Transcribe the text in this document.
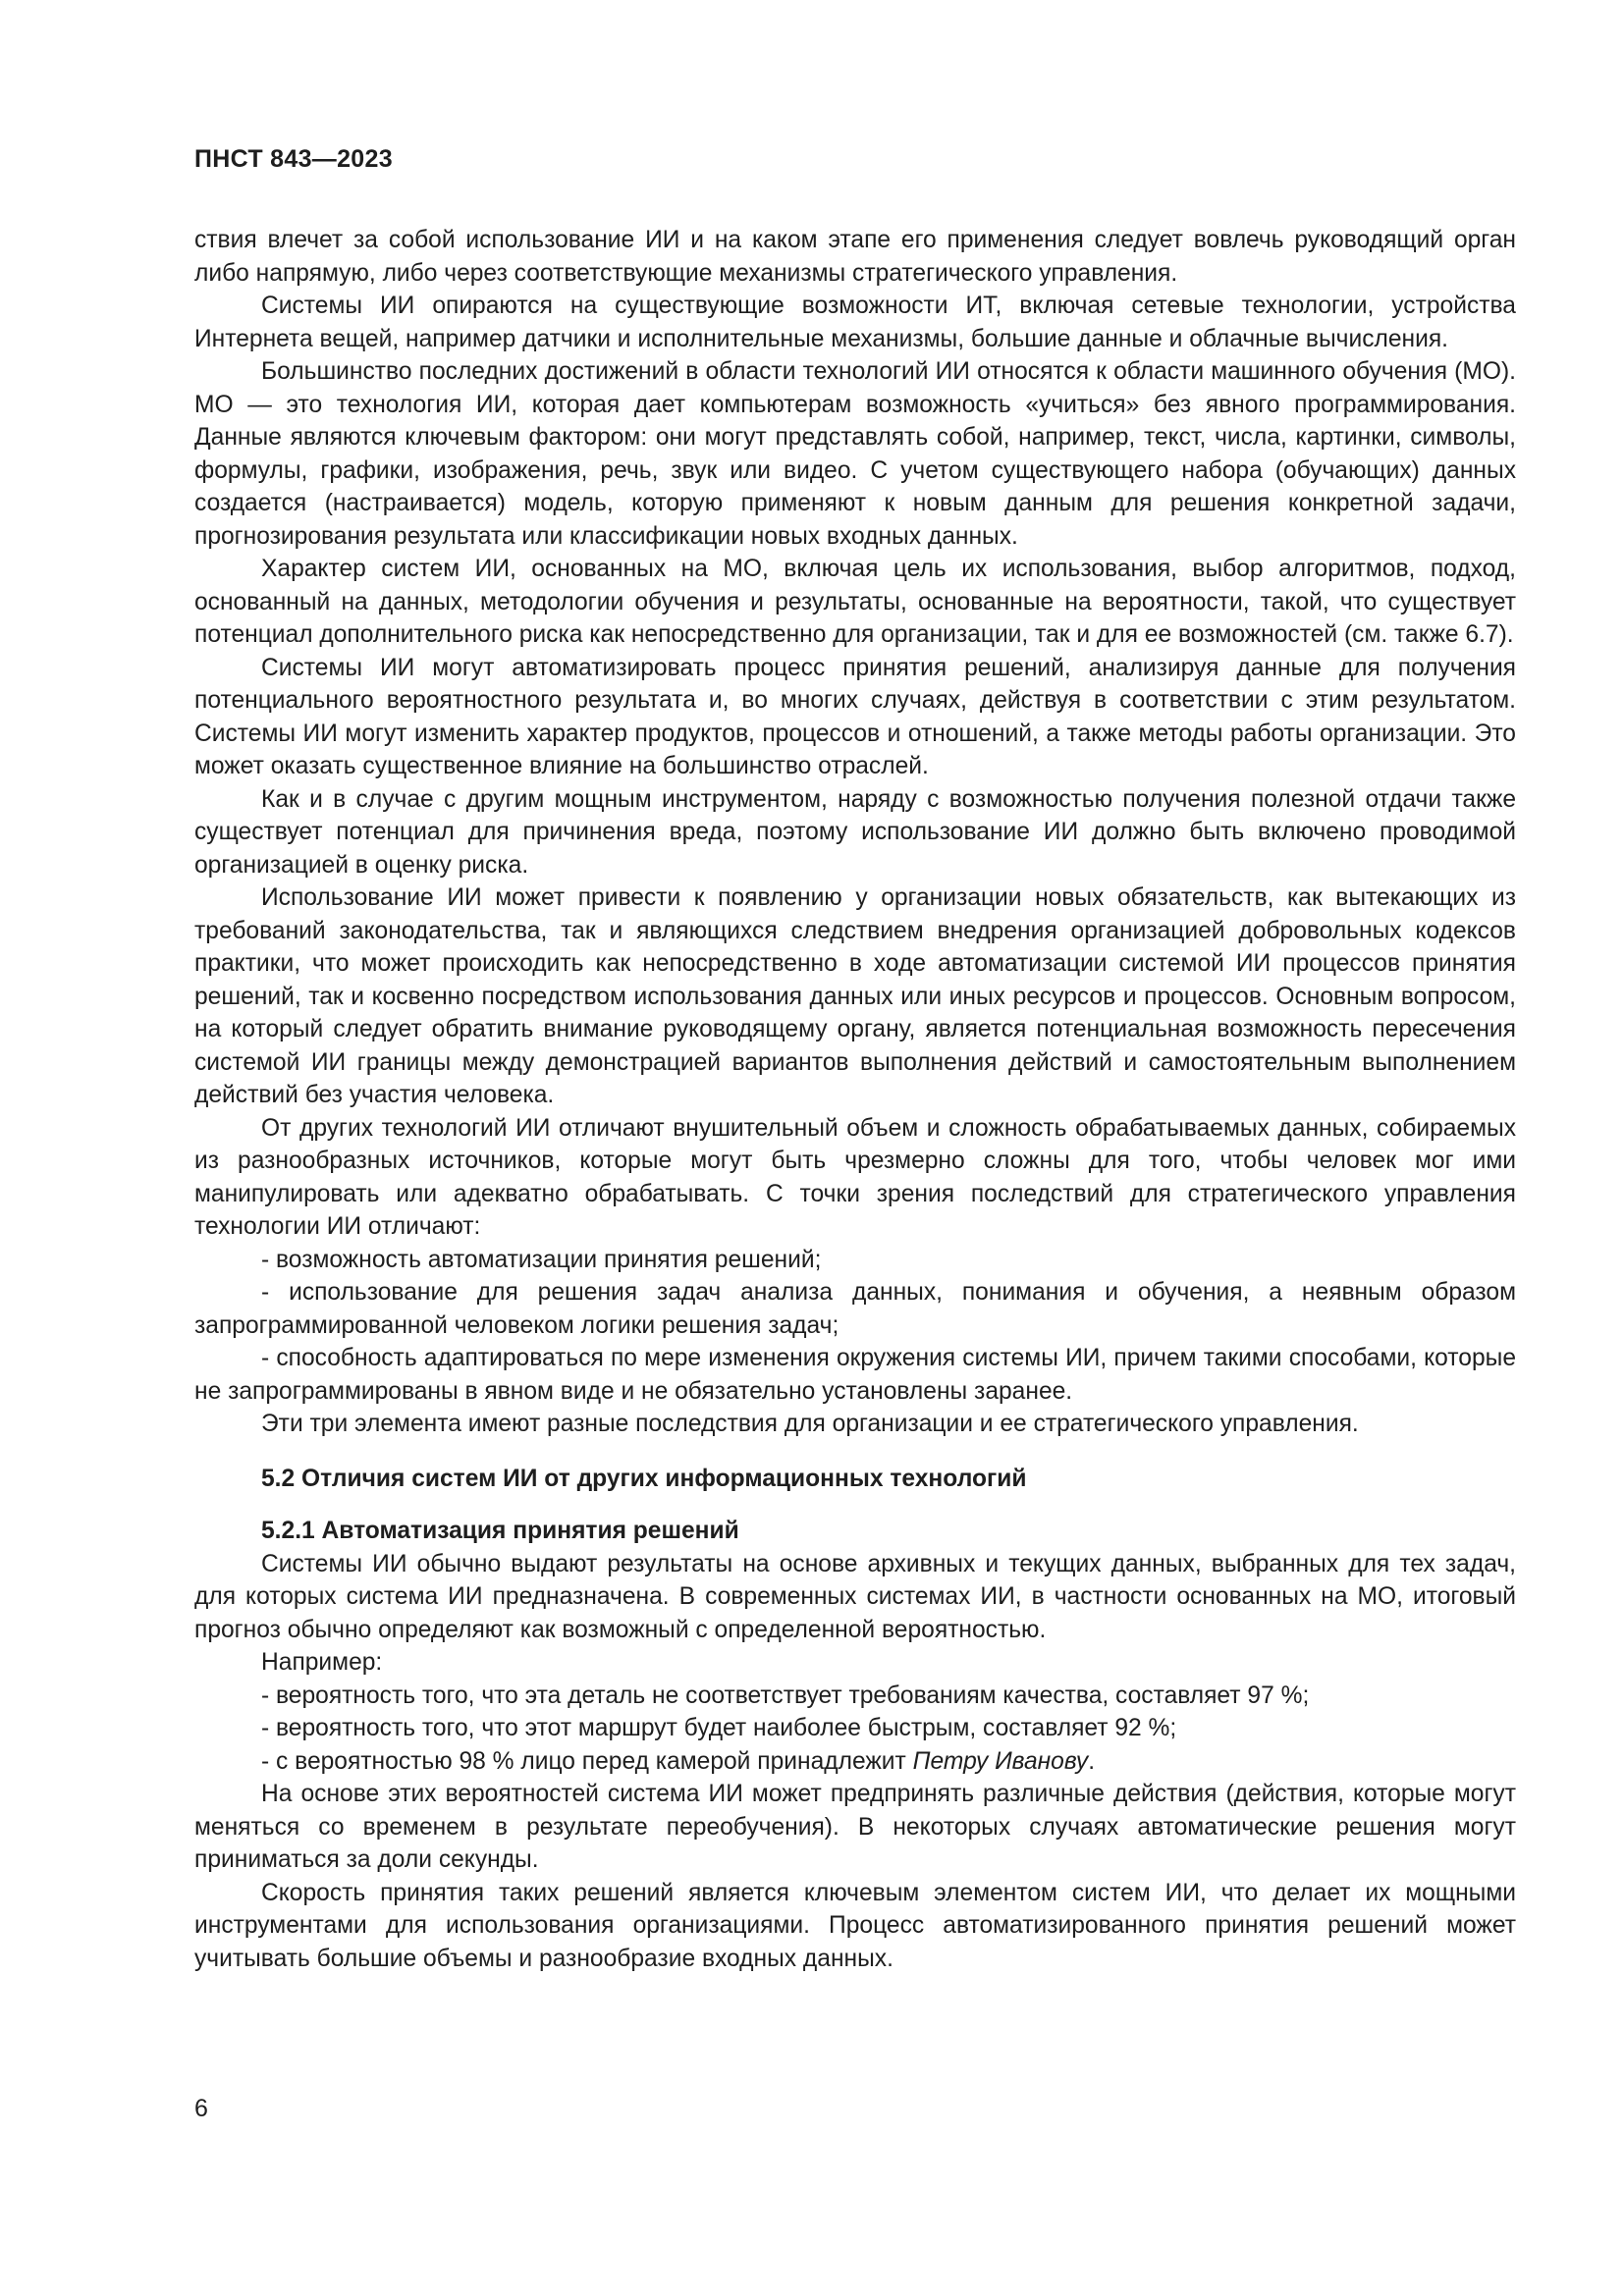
ПНСТ 843—2023

ствия влечет за собой использование ИИ и на каком этапе его применения следует вовлечь руководящий орган либо напрямую, либо через соответствующие механизмы стратегического управления.

Системы ИИ опираются на существующие возможности ИТ, включая сетевые технологии, устройства Интернета вещей, например датчики и исполнительные механизмы, большие данные и облачные вычисления.

Большинство последних достижений в области технологий ИИ относятся к области машинного обучения (МО). МО — это технология ИИ, которая дает компьютерам возможность «учиться» без явного программирования. Данные являются ключевым фактором: они могут представлять собой, например, текст, числа, картинки, символы, формулы, графики, изображения, речь, звук или видео. С учетом существующего набора (обучающих) данных создается (настраивается) модель, которую применяют к новым данным для решения конкретной задачи, прогнозирования результата или классификации новых входных данных.

Характер систем ИИ, основанных на МО, включая цель их использования, выбор алгоритмов, подход, основанный на данных, методологии обучения и результаты, основанные на вероятности, такой, что существует потенциал дополнительного риска как непосредственно для организации, так и для ее возможностей (см. также 6.7).

Системы ИИ могут автоматизировать процесс принятия решений, анализируя данные для получения потенциального вероятностного результата и, во многих случаях, действуя в соответствии с этим результатом. Системы ИИ могут изменить характер продуктов, процессов и отношений, а также методы работы организации. Это может оказать существенное влияние на большинство отраслей.

Как и в случае с другим мощным инструментом, наряду с возможностью получения полезной отдачи также существует потенциал для причинения вреда, поэтому использование ИИ должно быть включено проводимой организацией в оценку риска.

Использование ИИ может привести к появлению у организации новых обязательств, как вытекающих из требований законодательства, так и являющихся следствием внедрения организацией добровольных кодексов практики, что может происходить как непосредственно в ходе автоматизации системой ИИ процессов принятия решений, так и косвенно посредством использования данных или иных ресурсов и процессов. Основным вопросом, на который следует обратить внимание руководящему органу, является потенциальная возможность пересечения системой ИИ границы между демонстрацией вариантов выполнения действий и самостоятельным выполнением действий без участия человека.

От других технологий ИИ отличают внушительный объем и сложность обрабатываемых данных, собираемых из разнообразных источников, которые могут быть чрезмерно сложны для того, чтобы человек мог ими манипулировать или адекватно обрабатывать. С точки зрения последствий для стратегического управления технологии ИИ отличают:

- возможность автоматизации принятия решений;

- использование для решения задач анализа данных, понимания и обучения, а неявным образом запрограммированной человеком логики решения задач;

- способность адаптироваться по мере изменения окружения системы ИИ, причем такими способами, которые не запрограммированы в явном виде и не обязательно установлены заранее.

Эти три элемента имеют разные последствия для организации и ее стратегического управления.

5.2 Отличия систем ИИ от других информационных технологий
5.2.1 Автоматизация принятия решений

Системы ИИ обычно выдают результаты на основе архивных и текущих данных, выбранных для тех задач, для которых система ИИ предназначена. В современных системах ИИ, в частности основанных на МО, итоговый прогноз обычно определяют как возможный с определенной вероятностью.

Например:

- вероятность того, что эта деталь не соответствует требованиям качества, составляет 97 %;

- вероятность того, что этот маршрут будет наиболее быстрым, составляет 92 %;

- с вероятностью 98 % лицо перед камерой принадлежит Петру Иванову.

На основе этих вероятностей система ИИ может предпринять различные действия (действия, которые могут меняться со временем в результате переобучения). В некоторых случаях автоматические решения могут приниматься за доли секунды.

Скорость принятия таких решений является ключевым элементом систем ИИ, что делает их мощными инструментами для использования организациями. Процесс автоматизированного принятия решений может учитывать большие объемы и разнообразие входных данных.

6
